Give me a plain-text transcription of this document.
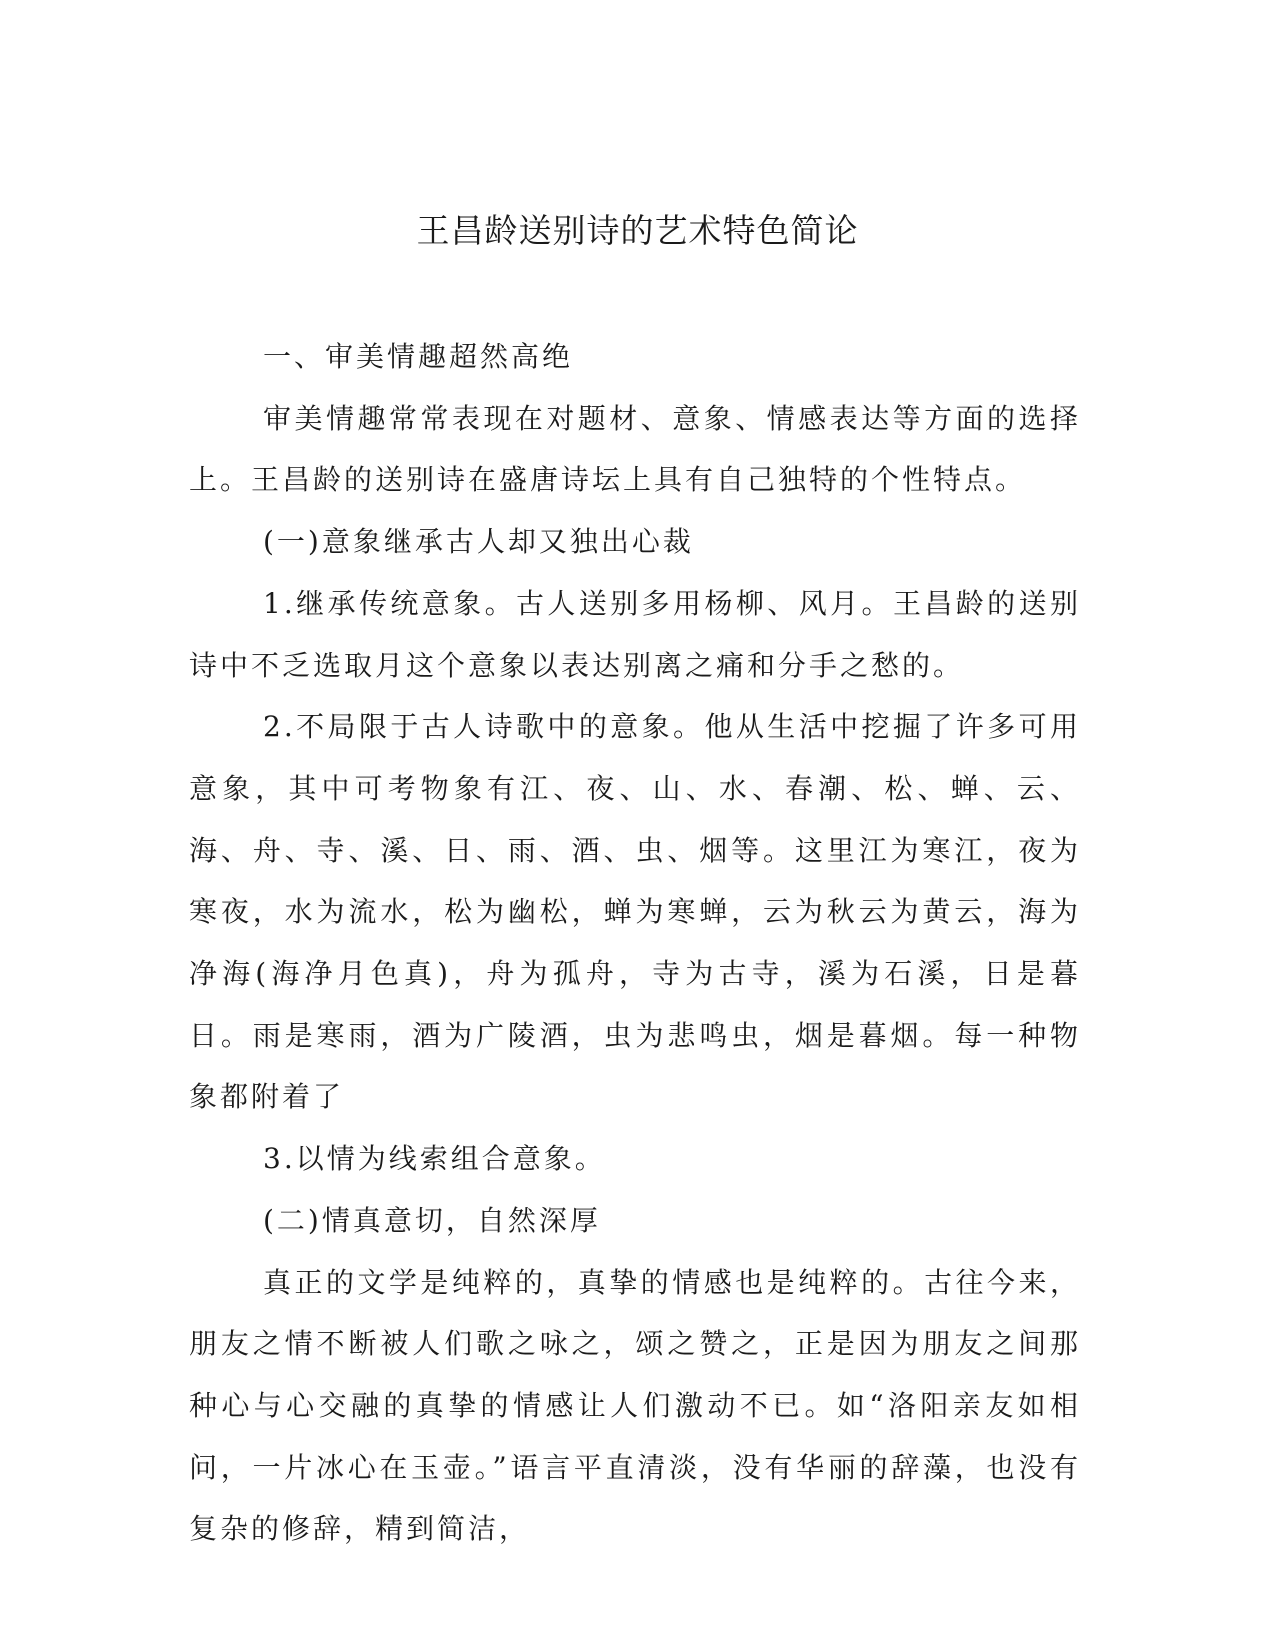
王昌龄送别诗的艺术特色简论

一、审美情趣超然高绝

审美情趣常常表现在对题材、意象、情感表达等方面的选择上。王昌龄的送别诗在盛唐诗坛上具有自己独特的个性特点。

(一)意象继承古人却又独出心裁

1.继承传统意象。古人送别多用杨柳、风月。王昌龄的送别诗中不乏选取月这个意象以表达别离之痛和分手之愁的。

2.不局限于古人诗歌中的意象。他从生活中挖掘了许多可用意象，其中可考物象有江、夜、山、水、春潮、松、蝉、云、海、舟、寺、溪、日、雨、酒、虫、烟等。这里江为寒江，夜为寒夜，水为流水，松为幽松，蝉为寒蝉，云为秋云为黄云，海为净海(海净月色真)，舟为孤舟，寺为古寺，溪为石溪，日是暮日。雨是寒雨，酒为广陵酒，虫为悲鸣虫，烟是暮烟。每一种物象都附着了

3.以情为线索组合意象。

(二)情真意切，自然深厚

真正的文学是纯粹的，真挚的情感也是纯粹的。古往今来，朋友之情不断被人们歌之咏之，颂之赞之，正是因为朋友之间那种心与心交融的真挚的情感让人们激动不已。如“洛阳亲友如相问，一片冰心在玉壶。”语言平直清淡，没有华丽的辞藻，也没有复杂的修辞，精到简洁，
